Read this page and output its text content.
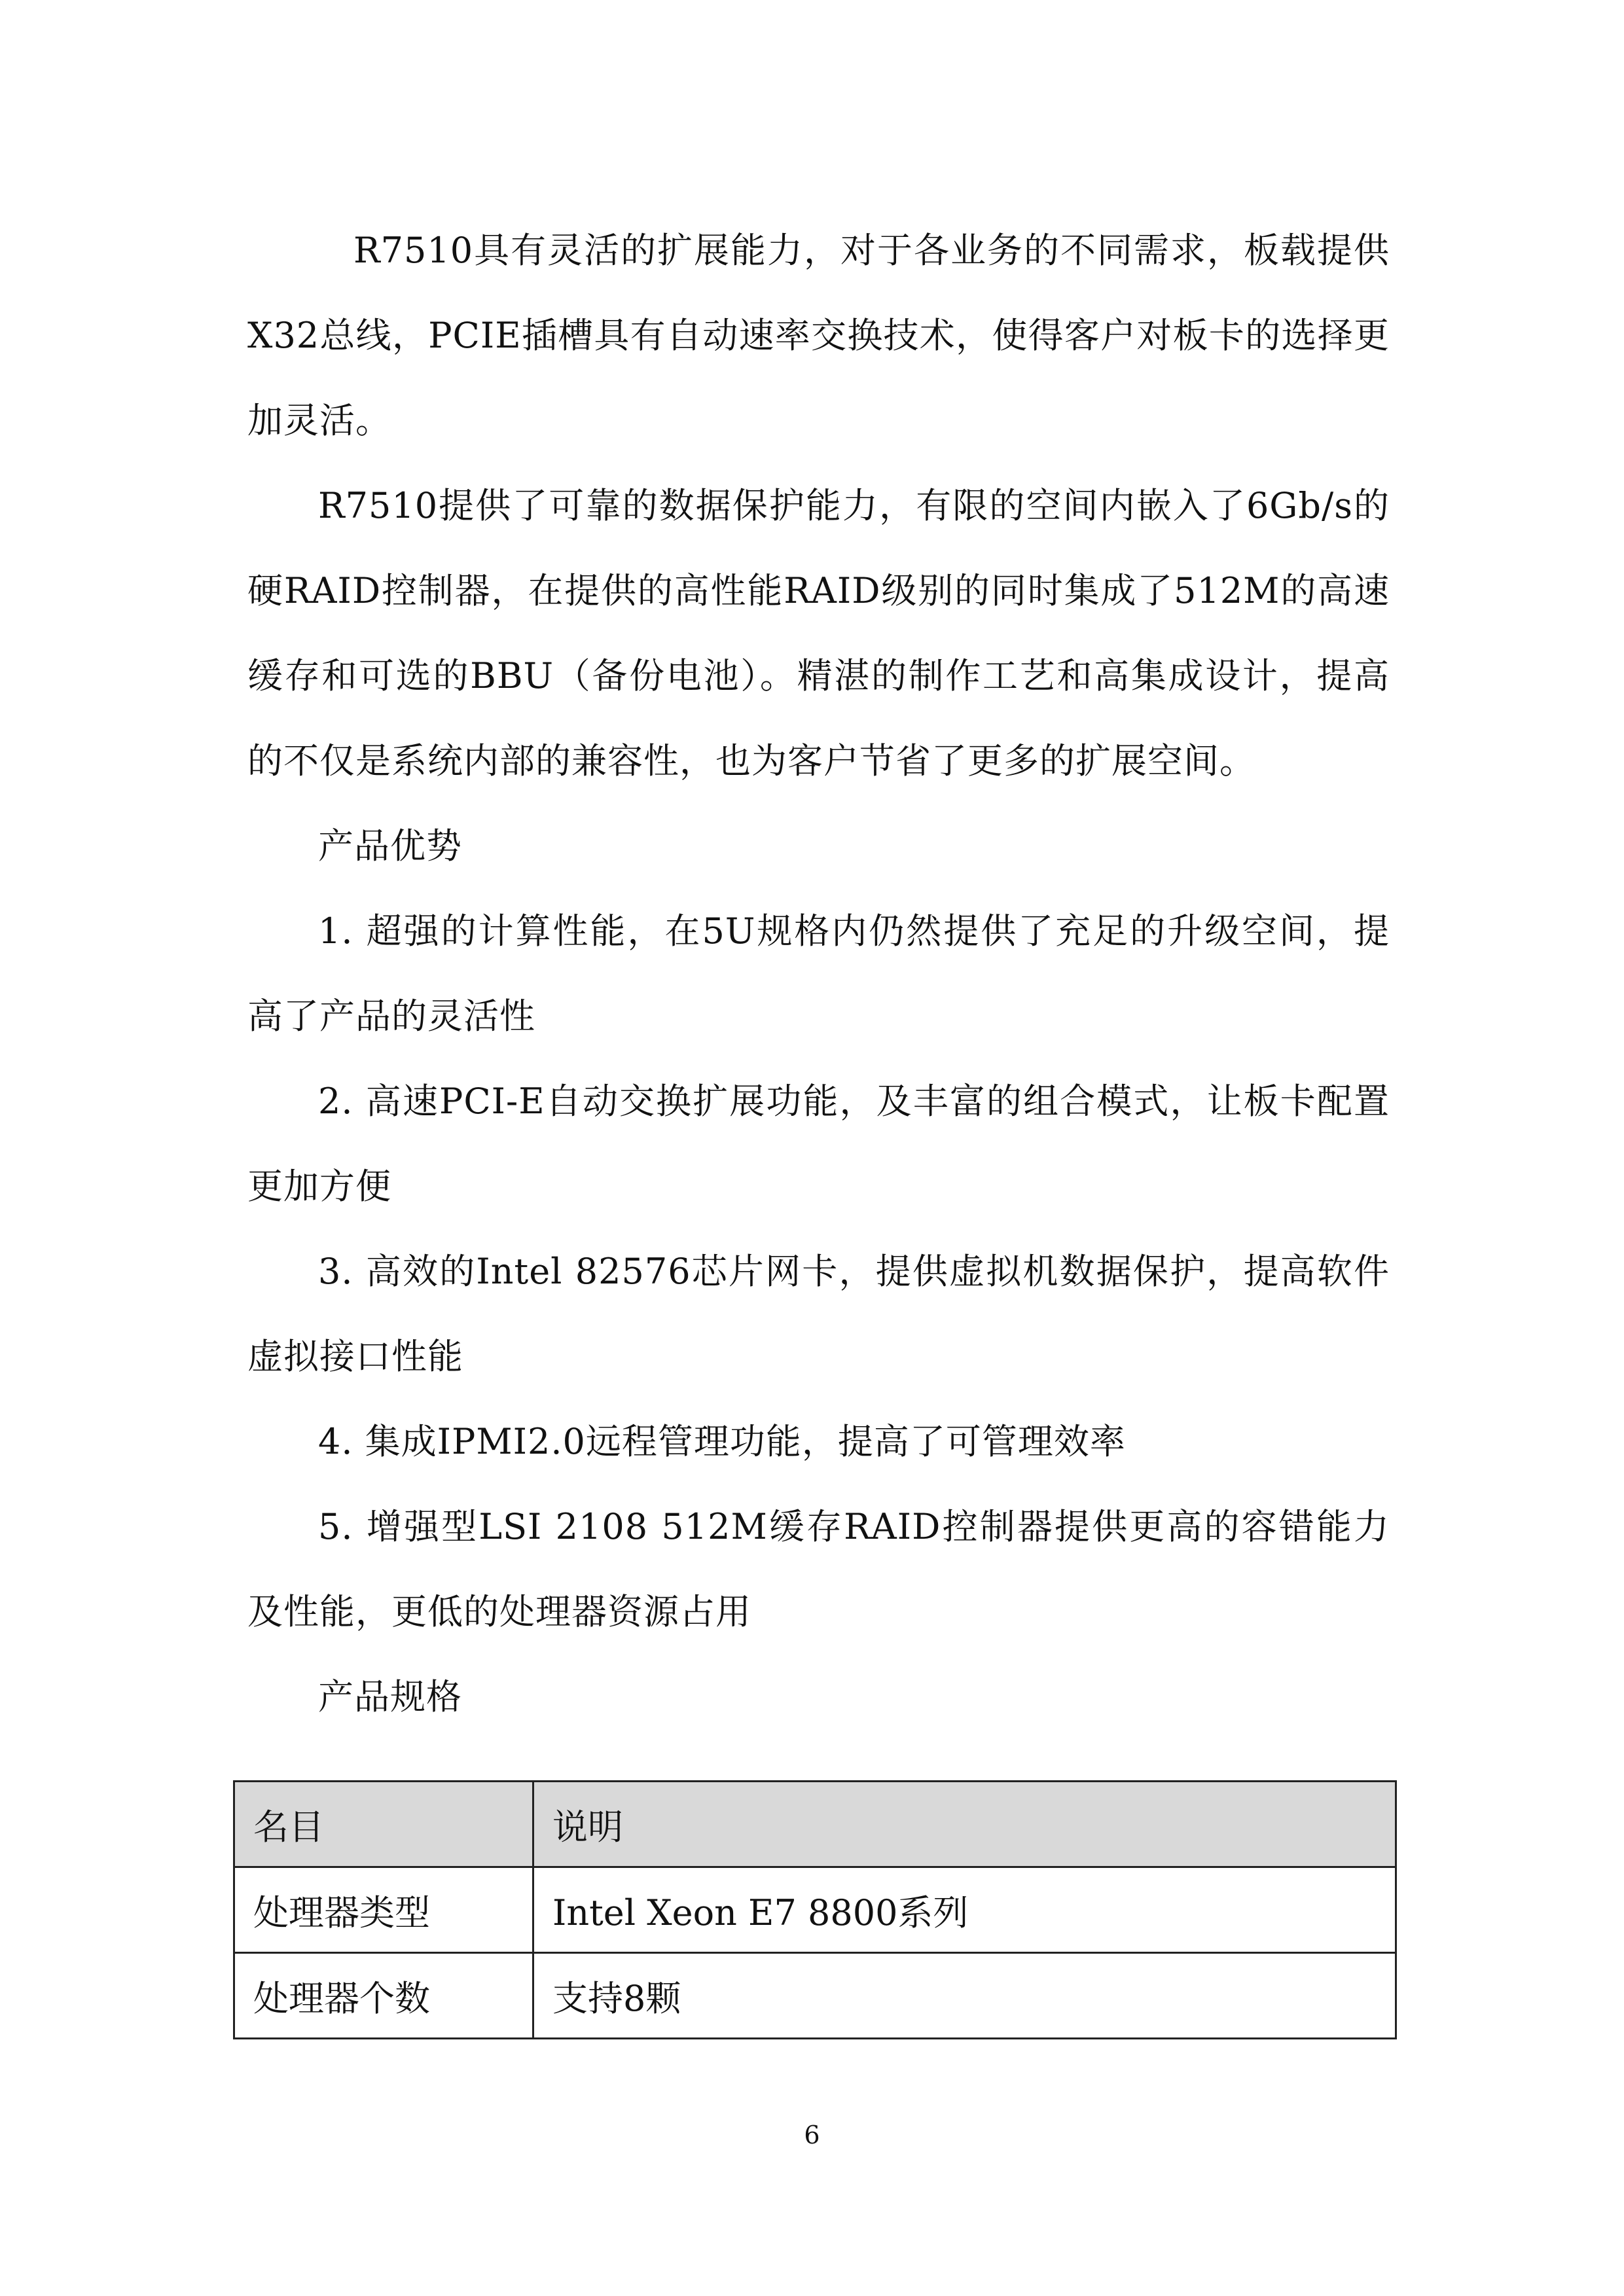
R7510具有灵活的扩展能力，对于各业务的不同需求，板载提供 X32总线，PCIE插槽具有自动速率交换技术，使得客户对板卡的选择更加灵活。

R7510提供了可靠的数据保护能力，有限的空间内嵌入了6Gb/s的硬RAID控制器，在提供的高性能RAID级别的同时集成了512M的高速缓存和可选的BBU（备份电池）。精湛的制作工艺和高集成设计，提高的不仅是系统内部的兼容性，也为客户节省了更多的扩展空间。

产品优势

1. 超强的计算性能，在5U规格内仍然提供了充足的升级空间，提高了产品的灵活性

2. 高速PCI-E自动交换扩展功能，及丰富的组合模式，让板卡配置更加方便

3. 高效的Intel 82576芯片网卡，提供虚拟机数据保护，提高软件虚拟接口性能

4. 集成IPMI2.0远程管理功能，提高了可管理效率

5. 增强型LSI 2108 512M缓存RAID控制器提供更高的容错能力及性能，更低的处理器资源占用

产品规格

名目	说明
处理器类型	Intel Xeon E7 8800系列
处理器个数	支持8颗
6
